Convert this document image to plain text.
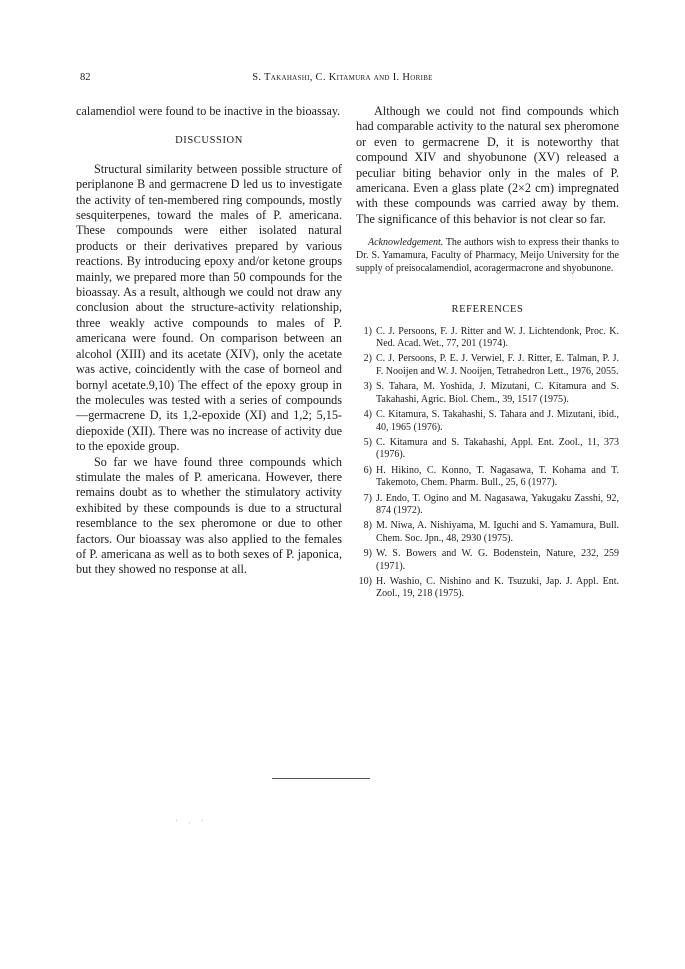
82	S. Takahashi, C. Kitamura and I. Horibe

calamendiol were found to be inactive in the bioassay.

DISCUSSION

Structural similarity between possible structure of periplanone B and germacrene D led us to investigate the activity of ten-membered ring compounds, mostly sesquiterpenes, toward the males of P. americana. These compounds were either isolated natural products or their derivatives prepared by various reactions. By introducing epoxy and/or ketone groups mainly, we prepared more than 50 compounds for the bioassay. As a result, although we could not draw any conclusion about the structure-activity relationship, three weakly active compounds to males of P. americana were found. On comparison between an alcohol (XIII) and its acetate (XIV), only the acetate was active, coincidently with the case of borneol and bornyl acetate.9,10) The effect of the epoxy group in the molecules was tested with a series of compounds—germacrene D, its 1,2-epoxide (XI) and 1,2; 5,15-diepoxide (XII). There was no increase of activity due to the epoxide group.

So far we have found three compounds which stimulate the males of P. americana. However, there remains doubt as to whether the stimulatory activity exhibited by these compounds is due to a structural resemblance to the sex pheromone or due to other factors. Our bioassay was also applied to the females of P. americana as well as to both sexes of P. japonica, but they showed no response at all.

Although we could not find compounds which had comparable activity to the natural sex pheromone or even to germacrene D, it is noteworthy that compound XIV and shyobunone (XV) released a peculiar biting behavior only in the males of P. americana. Even a glass plate (2×2 cm) impregnated with these compounds was carried away by them. The significance of this behavior is not clear so far.

Acknowledgement. The authors wish to express their thanks to Dr. S. Yamamura, Faculty of Pharmacy, Meijo University for the supply of preisocalamendiol, acoragermacrone and shyobunone.

REFERENCES
1) C. J. Persoons, F. J. Ritter and W. J. Lichtendonk, Proc. K. Ned. Acad. Wet., 77, 201 (1974).
2) C. J. Persoons, P. E. J. Verwiel, F. J. Ritter, E. Talman, P. J. F. Nooijen and W. J. Nooijen, Tetrahedron Lett., 1976, 2055.
3) S. Tahara, M. Yoshida, J. Mizutani, C. Kitamura and S. Takahashi, Agric. Biol. Chem., 39, 1517 (1975).
4) C. Kitamura, S. Takahashi, S. Tahara and J. Mizutani, ibid., 40, 1965 (1976).
5) C. Kitamura and S. Takahashi, Appl. Ent. Zool., 11, 373 (1976).
6) H. Hikino, C. Konno, T. Nagasawa, T. Kohama and T. Takemoto, Chem. Pharm. Bull., 25, 6 (1977).
7) J. Endo, T. Ogino and M. Nagasawa, Yakugaku Zasshi, 92, 874 (1972).
8) M. Niwa, A. Nishiyama, M. Iguchi and S. Yamamura, Bull. Chem. Soc. Jpn., 48, 2930 (1975).
9) W. S. Bowers and W. G. Bodenstein, Nature, 232, 259 (1971).
10) H. Washio, C. Nishino and K. Tsuzuki, Jap. J. Appl. Ent. Zool., 19, 218 (1975).
' · '
